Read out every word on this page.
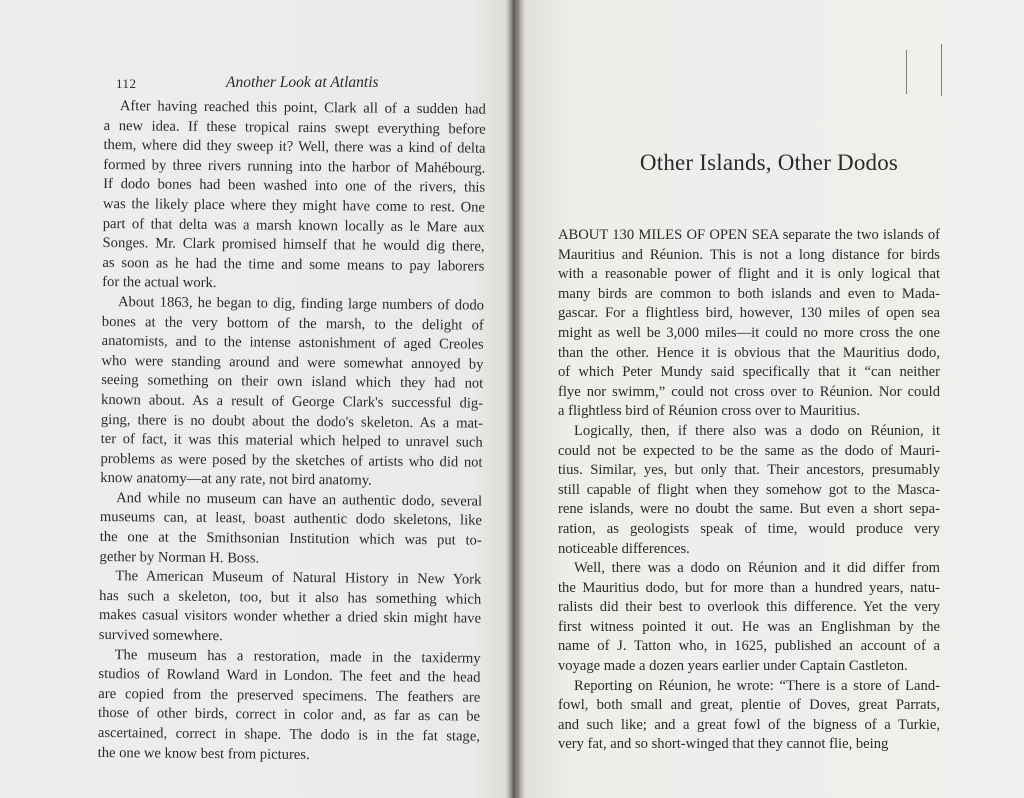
112	Another Look at Atlantis
After having reached this point, Clark all of a sudden had
a new idea. If these tropical rains swept everything before
them, where did they sweep it? Well, there was a kind of delta
formed by three rivers running into the harbor of Mahébourg.
If dodo bones had been washed into one of the rivers, this
was the likely place where they might have come to rest. One
part of that delta was a marsh known locally as le Mare aux
Songes. Mr. Clark promised himself that he would dig there,
as soon as he had the time and some means to pay laborers
for the actual work.
About 1863, he began to dig, finding large numbers of dodo
bones at the very bottom of the marsh, to the delight of
anatomists, and to the intense astonishment of aged Creoles
who were standing around and were somewhat annoyed by
seeing something on their own island which they had not
known about. As a result of George Clark's successful dig-
ging, there is no doubt about the dodo's skeleton. As a mat-
ter of fact, it was this material which helped to unravel such
problems as were posed by the sketches of artists who did not
know anatomy—at any rate, not bird anatomy.
And while no museum can have an authentic dodo, several
museums can, at least, boast authentic dodo skeletons, like
the one at the Smithsonian Institution which was put to-
gether by Norman H. Boss.
The American Museum of Natural History in New York
has such a skeleton, too, but it also has something which
makes casual visitors wonder whether a dried skin might have
survived somewhere.
The museum has a restoration, made in the taxidermy
studios of Rowland Ward in London. The feet and the head
are copied from the preserved specimens. The feathers are
those of other birds, correct in color and, as far as can be
ascertained, correct in shape. The dodo is in the fat stage,
the one we know best from pictures.
Other Islands, Other Dodos
ABOUT 130 MILES OF OPEN SEA separate the two islands of
Mauritius and Réunion. This is not a long distance for birds
with a reasonable power of flight and it is only logical that
many birds are common to both islands and even to Mada-
gascar. For a flightless bird, however, 130 miles of open sea
might as well be 3,000 miles—it could no more cross the one
than the other. Hence it is obvious that the Mauritius dodo,
of which Peter Mundy said specifically that it “can neither
flye nor swimm,” could not cross over to Réunion. Nor could
a flightless bird of Réunion cross over to Mauritius.
Logically, then, if there also was a dodo on Réunion, it
could not be expected to be the same as the dodo of Mauri-
tius. Similar, yes, but only that. Their ancestors, presumably
still capable of flight when they somehow got to the Masca-
rene islands, were no doubt the same. But even a short sepa-
ration, as geologists speak of time, would produce very
noticeable differences.
Well, there was a dodo on Réunion and it did differ from
the Mauritius dodo, but for more than a hundred years, natu-
ralists did their best to overlook this difference. Yet the very
first witness pointed it out. He was an Englishman by the
name of J. Tatton who, in 1625, published an account of a
voyage made a dozen years earlier under Captain Castleton.
Reporting on Réunion, he wrote: “There is a store of Land-
fowl, both small and great, plentie of Doves, great Parrats,
and such like; and a great fowl of the bigness of a Turkie,
very fat, and so short-winged that they cannot flie, being
